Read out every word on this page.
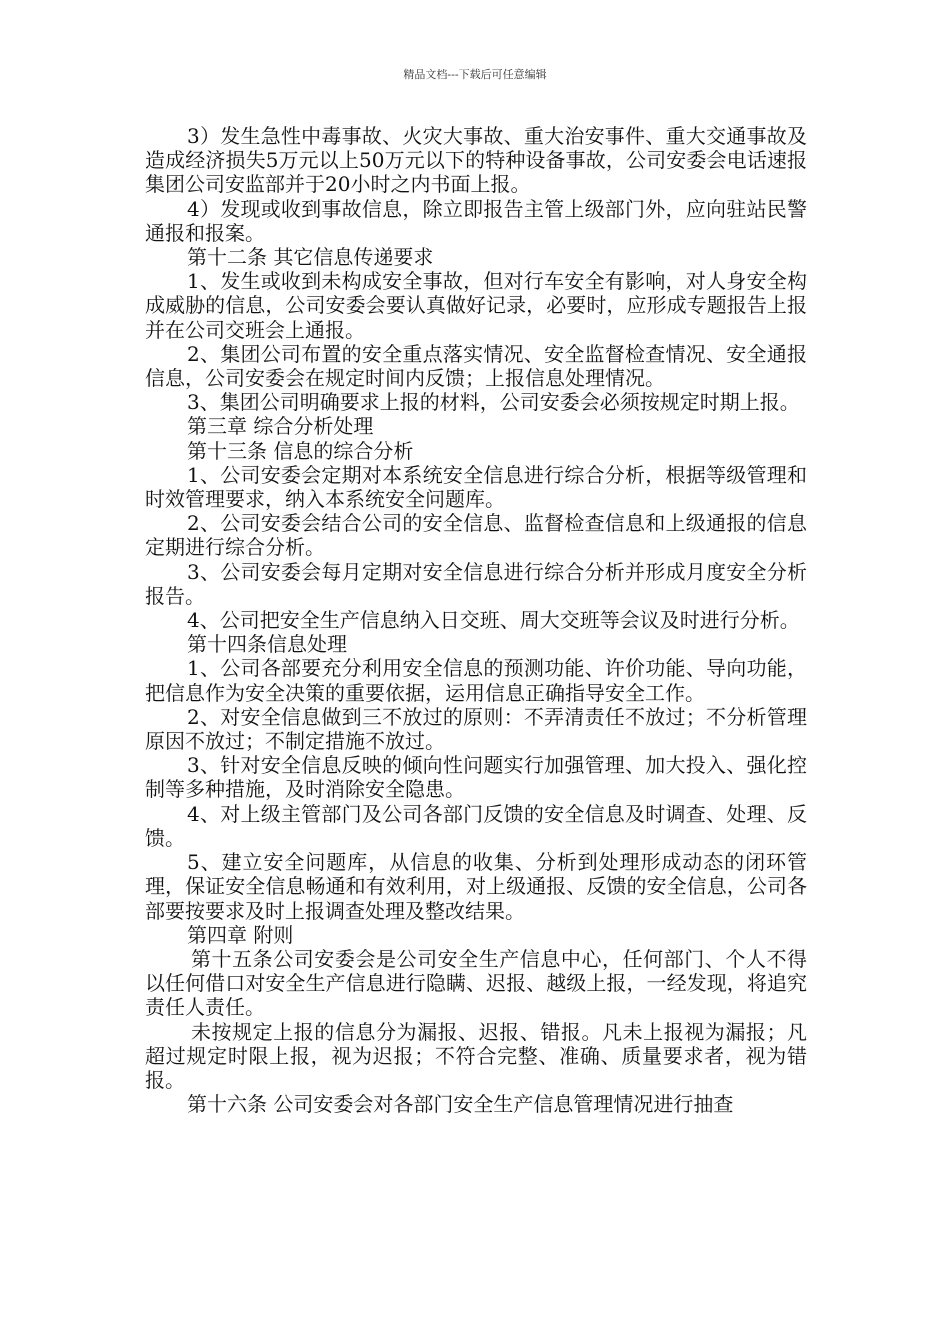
精品文档---下载后可任意编辑

3）发生急性中毒事故、火灾大事故、重大治安事件、重大交通事故及造成经济损失5万元以上50万元以下的特种设备事故，公司安委会电话速报集团公司安监部并于20小时之内书面上报。

4）发现或收到事故信息，除立即报告主管上级部门外，应向驻站民警通报和报案。

第十二条 其它信息传递要求

1、发生或收到未构成安全事故，但对行车安全有影响，对人身安全构成威胁的信息，公司安委会要认真做好记录，必要时，应形成专题报告上报并在公司交班会上通报。

2、集团公司布置的安全重点落实情况、安全监督检查情况、安全通报信息，公司安委会在规定时间内反馈；上报信息处理情况。

3、集团公司明确要求上报的材料，公司安委会必须按规定时期上报。

第三章 综合分析处理

第十三条 信息的综合分析

1、公司安委会定期对本系统安全信息进行综合分析，根据等级管理和时效管理要求，纳入本系统安全问题库。

2、公司安委会结合公司的安全信息、监督检查信息和上级通报的信息定期进行综合分析。

3、公司安委会每月定期对安全信息进行综合分析并形成月度安全分析报告。

4、公司把安全生产信息纳入日交班、周大交班等会议及时进行分析。

第十四条信息处理

1、公司各部要充分利用安全信息的预测功能、许价功能、导向功能，把信息作为安全决策的重要依据，运用信息正确指导安全工作。

2、对安全信息做到三不放过的原则：不弄清责任不放过；不分析管理原因不放过；不制定措施不放过。

3、针对安全信息反映的倾向性问题实行加强管理、加大投入、强化控制等多种措施，及时消除安全隐患。

4、对上级主管部门及公司各部门反馈的安全信息及时调查、处理、反馈。

5、建立安全问题库，从信息的收集、分析到处理形成动态的闭环管理，保证安全信息畅通和有效利用，对上级通报、反馈的安全信息，公司各部要按要求及时上报调查处理及整改结果。

第四章 附则

第十五条公司安委会是公司安全生产信息中心，任何部门、个人不得以任何借口对安全生产信息进行隐瞒、迟报、越级上报，一经发现，将追究责任人责任。

未按规定上报的信息分为漏报、迟报、错报。凡未上报视为漏报；凡超过规定时限上报，视为迟报；不符合完整、准确、质量要求者，视为错报。

第十六条 公司安委会对各部门安全生产信息管理情况进行抽查
